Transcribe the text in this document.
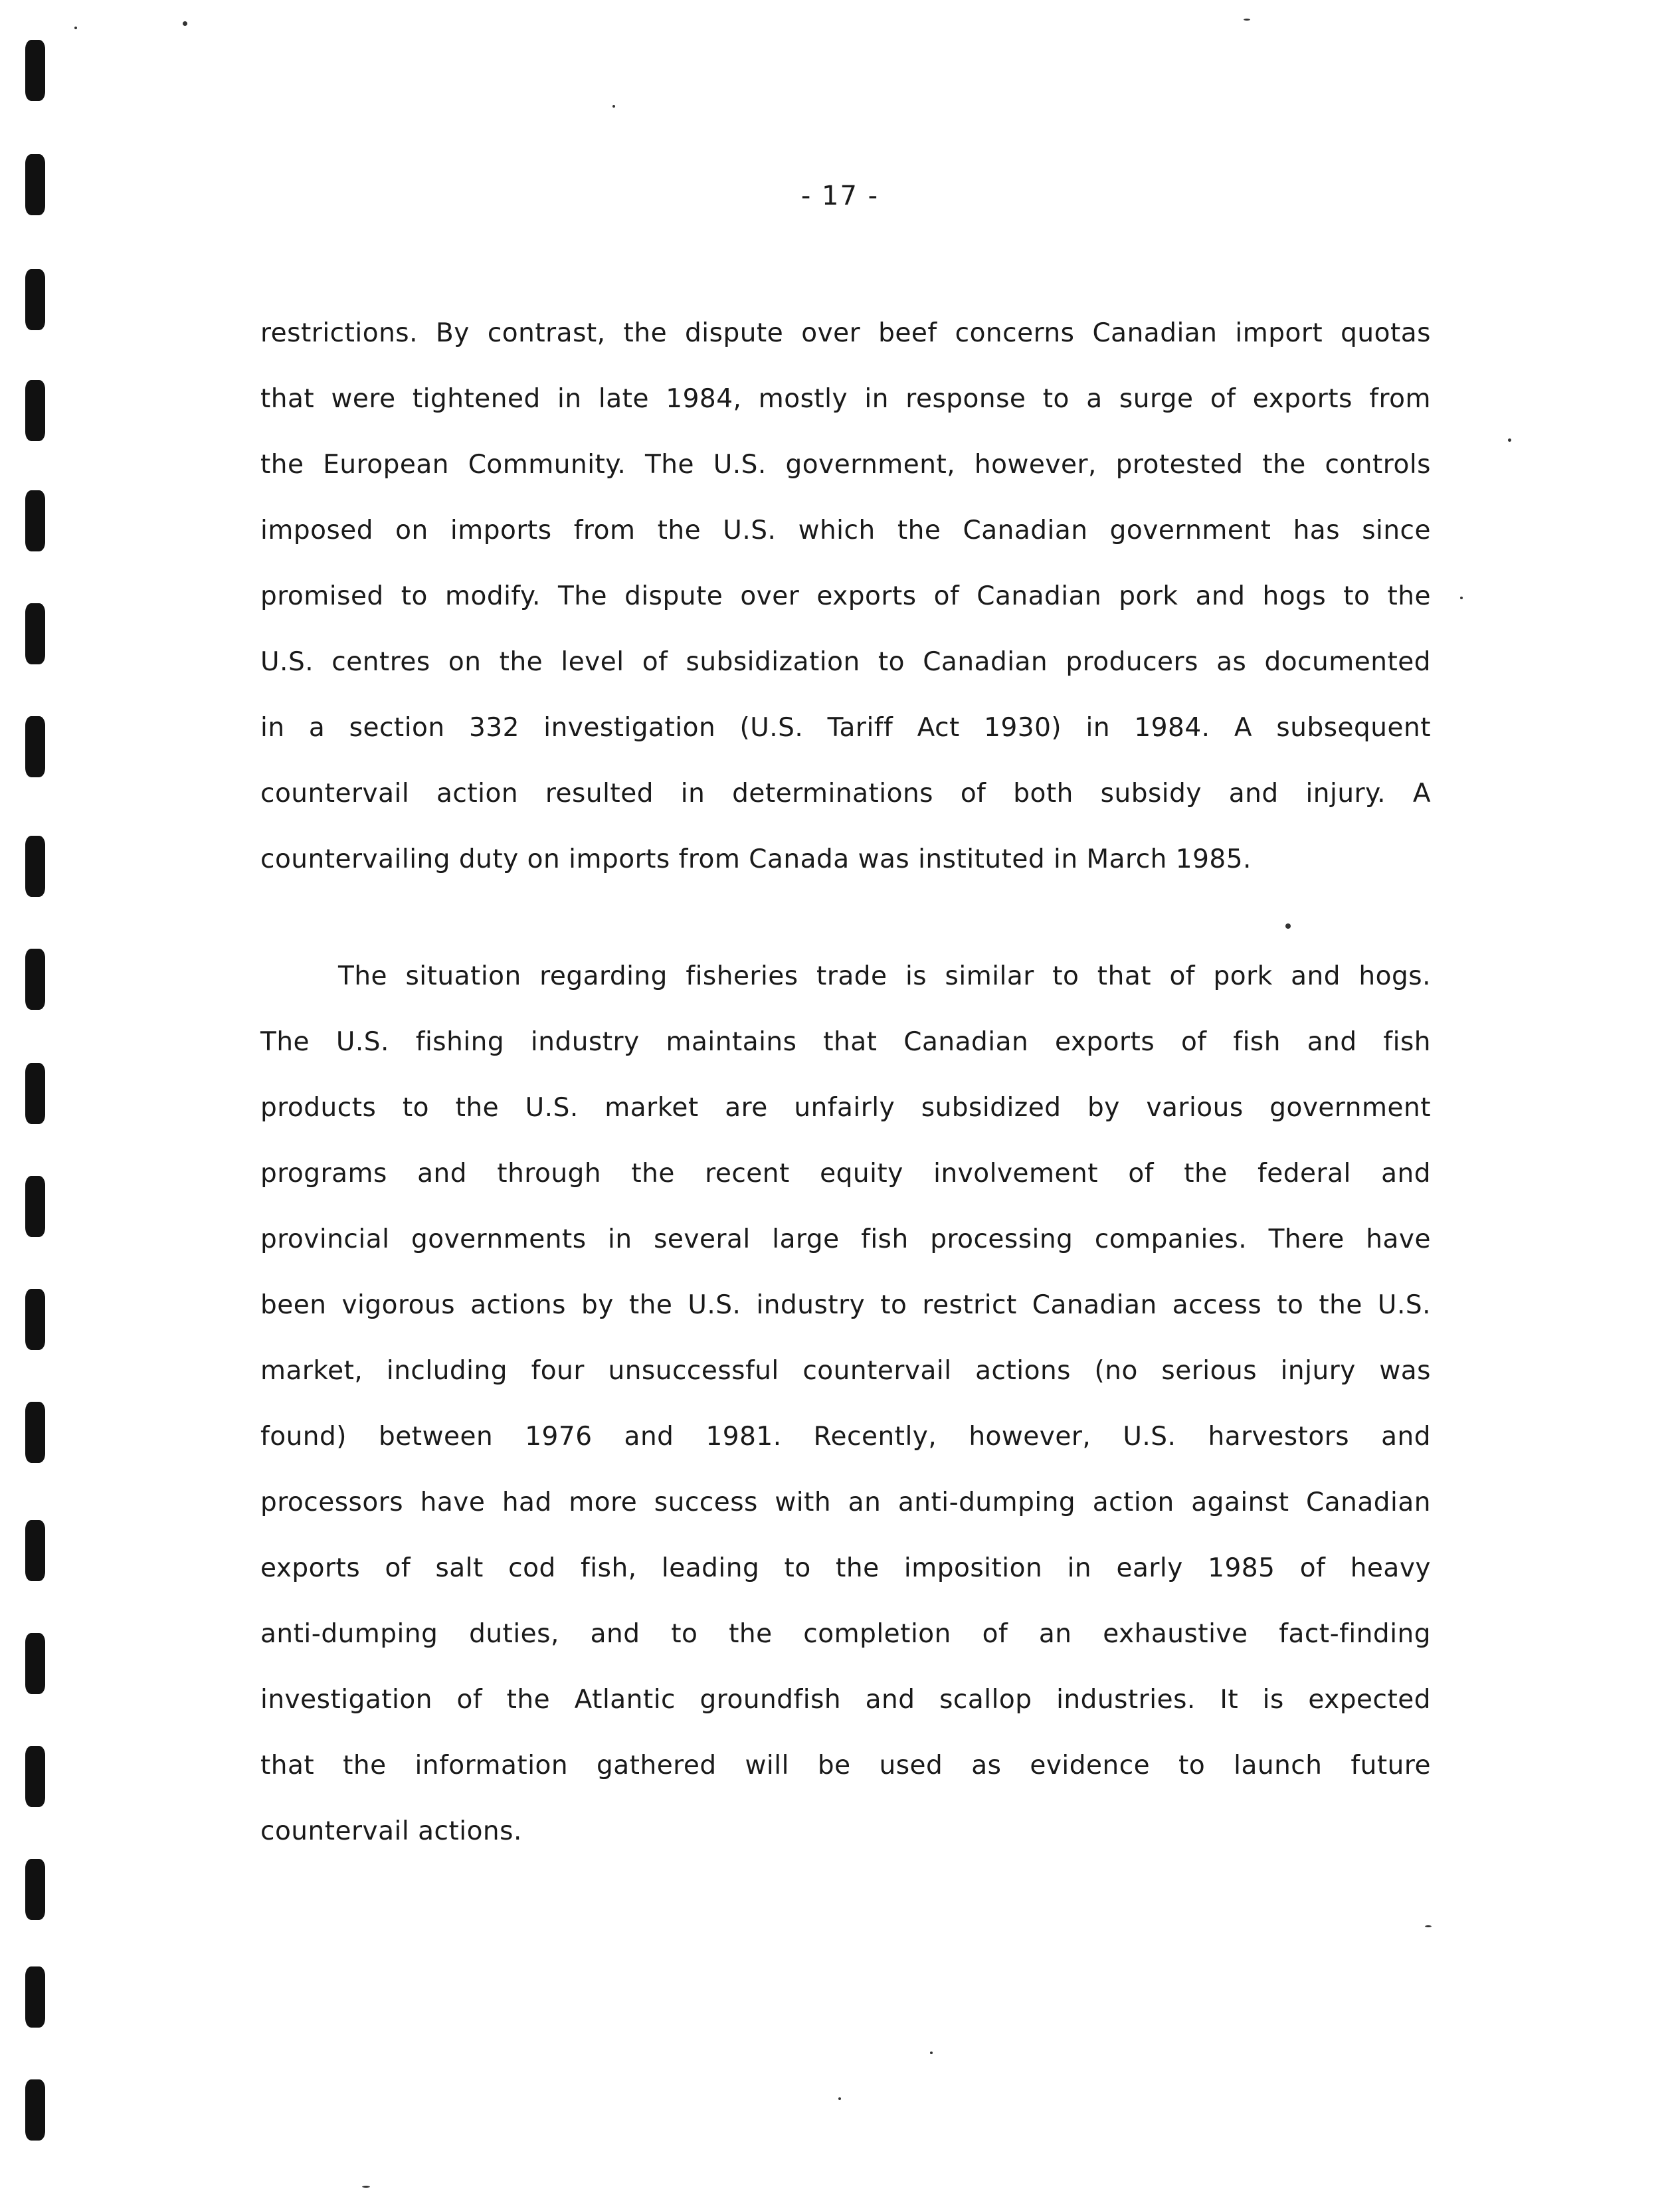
- 17 -
restrictions. By contrast, the dispute over beef concerns Canadian import quotas
that were tightened in late 1984, mostly in response to a surge of exports from
the European Community. The U.S. government, however, protested the controls
imposed on imports from the U.S. which the Canadian government has since
promised to modify. The dispute over exports of Canadian pork and hogs to the
U.S. centres on the level of subsidization to Canadian producers as documented
in a section 332 investigation (U.S. Tariff Act 1930) in 1984. A subsequent
countervail action resulted in determinations of both subsidy and injury. A
countervailing duty on imports from Canada was instituted in March 1985.
The situation regarding fisheries trade is similar to that of pork and hogs.
The U.S. fishing industry maintains that Canadian exports of fish and fish
products to the U.S. market are unfairly subsidized by various government
programs and through the recent equity involvement of the federal and
provincial governments in several large fish processing companies. There have
been vigorous actions by the U.S. industry to restrict Canadian access to the U.S.
market, including four unsuccessful countervail actions (no serious injury was
found) between 1976 and 1981. Recently, however, U.S. harvestors and
processors have had more success with an anti-dumping action against Canadian
exports of salt cod fish, leading to the imposition in early 1985 of heavy
anti-dumping duties, and to the completion of an exhaustive fact-finding
investigation of the Atlantic groundfish and scallop industries. It is expected
that the information gathered will be used as evidence to launch future
countervail actions.
